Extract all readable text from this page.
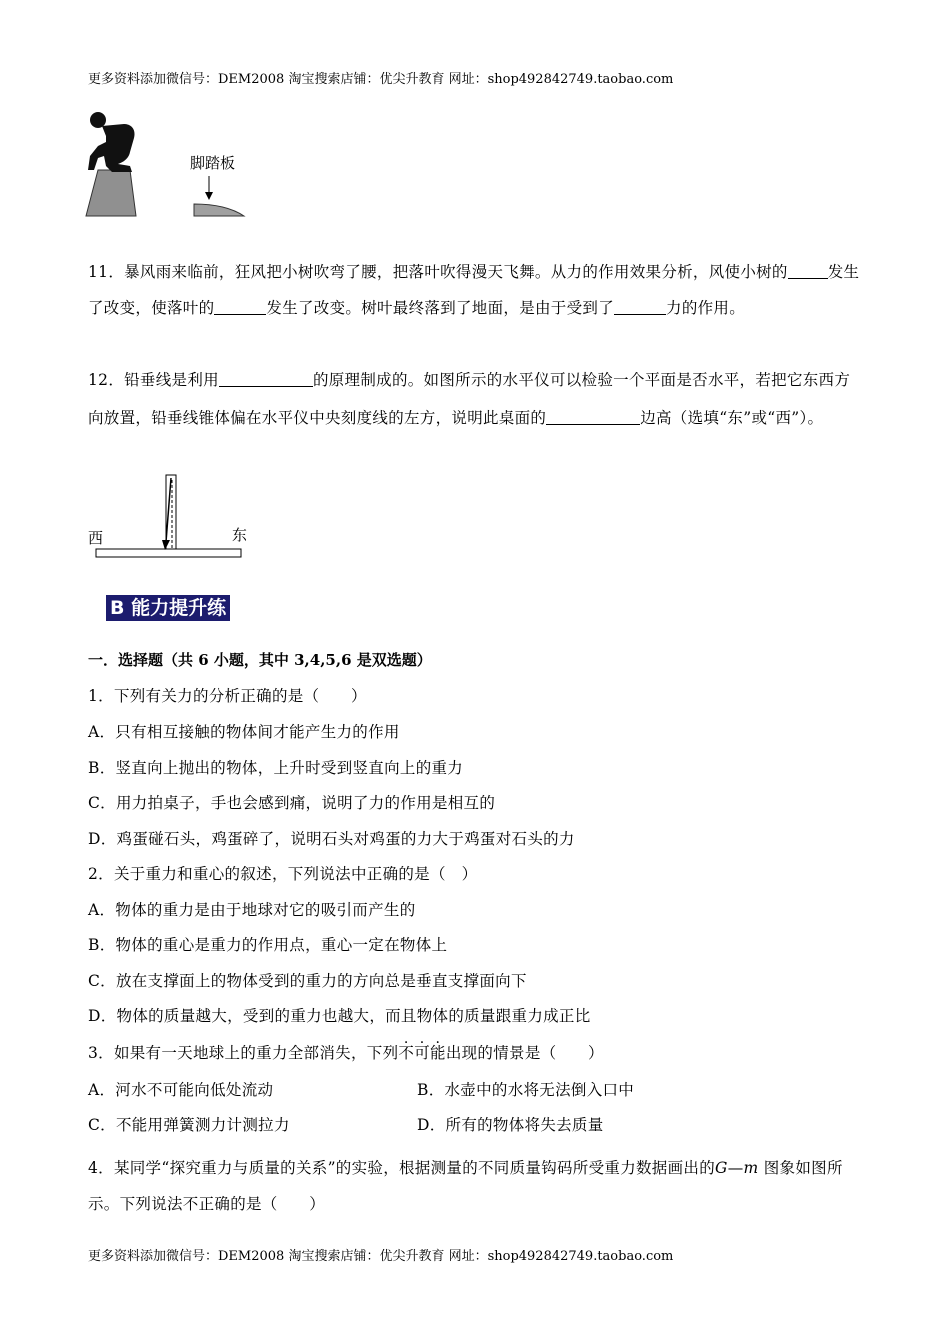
更多资料添加微信号：DEM2008 淘宝搜索店铺：优尖升教育 网址：shop492842749.taobao.com
脚踏板
11．暴风雨来临前，狂风把小树吹弯了腰，把落叶吹得漫天飞舞。从力的作用效果分析，风使小树的	发生了改变，使落叶的	发生了改变。树叶最终落到了地面，是由于受到了	力的作用。
12．铅垂线是利用	的原理制成的。如图所示的水平仪可以检验一个平面是否水平，若把它东西方向放置，铅垂线锥体偏在水平仪中央刻度线的左方，说明此桌面的	边高（选填“东”或“西”）。
西	东
B 能力提升练
一．选择题（共 6 小题，其中 3,4,5,6 是双选题）
1．下列有关力的分析正确的是（　　）
A．只有相互接触的物体间才能产生力的作用
B．竖直向上抛出的物体，上升时受到竖直向上的重力
C．用力拍桌子，手也会感到痛，说明了力的作用是相互的
D．鸡蛋碰石头，鸡蛋碎了，说明石头对鸡蛋的力大于鸡蛋对石头的力
2．关于重力和重心的叙述，下列说法中正确的是（　）
A．物体的重力是由于地球对它的吸引而产生的
B．物体的重心是重力的作用点，重心一定在物体上
C．放在支撑面上的物体受到的重力的方向总是垂直支撑面向下
D．物体的质量越大，受到的重力也越大，而且物体的质量跟重力成正比
3．如果有一天地球上的重力全部消失，下列不可能出现的情景是（　　）
A．河水不可能向低处流动	B．水壶中的水将无法倒入口中
C．不能用弹簧测力计测拉力	D．所有的物体将失去质量
4．某同学“探究重力与质量的关系”的实验，根据测量的不同质量钩码所受重力数据画出的G—m 图象如图所示。下列说法不正确的是（　　）
更多资料添加微信号：DEM2008 淘宝搜索店铺：优尖升教育 网址：shop492842749.taobao.com
